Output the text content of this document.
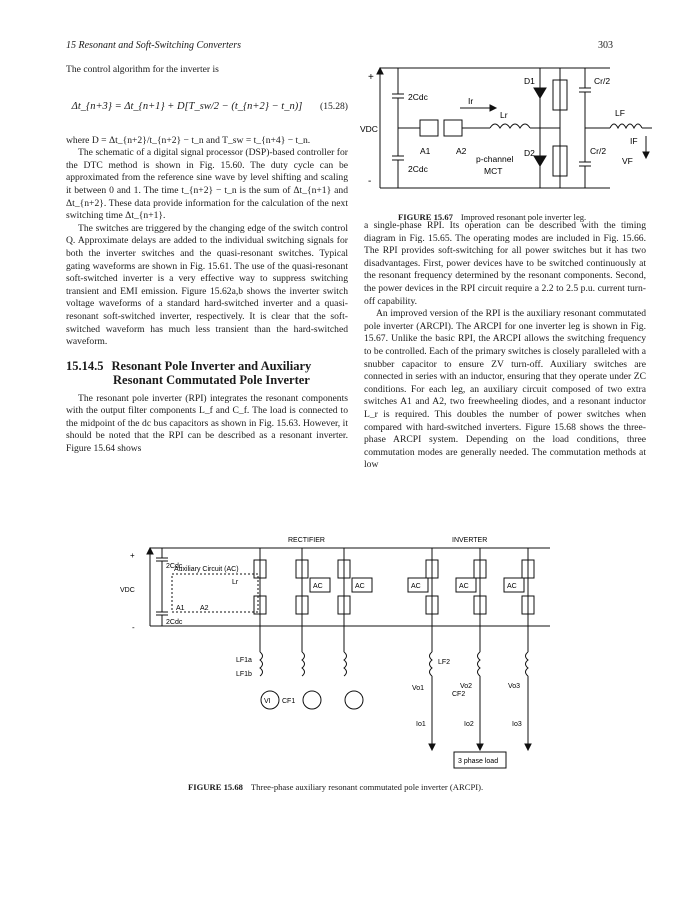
15 Resonant and Soft-Switching Converters	303

The control algorithm for the inverter is

Δt_{n+3} = Δt_{n+1} + D[T_sw/2 − (t_{n+2} − t_n)]	(15.28)

where D = Δt_{n+2}/t_{n+2} − t_n and T_sw = t_{n+4} − t_n.

The schematic of a digital signal processor (DSP)-based controller for the DTC method is shown in Fig. 15.60. The duty cycle can be approximated from the reference sine wave by level shifting and scaling it between 0 and 1. The time t_{n+2} − t_n is the sum of Δt_{n+1} and Δt_{n+2}. These data provide information for the calculation of the next switching time Δt_{n+1}.

The switches are triggered by the changing edge of the switch control Q. Approximate delays are added to the individual switching signals for both the inverter switches and the quasi-resonant switches. Typical gating waveforms are shown in Fig. 15.61. The use of the quasi-resonant soft-switched inverter is a very effective way to suppress switching transient and EMI emission. Figure 15.62a,b shows the inverter switch voltage waveforms of a standard hard-switched inverter and a quasi-resonant soft-switched inverter, respectively. It is clear that the soft-switched waveform has much less transient than the hard-switched waveform.

15.14.5 Resonant Pole Inverter and Auxiliary
Resonant Commutated Pole Inverter

The resonant pole inverter (RPI) integrates the resonant components with the output filter components L_f and C_f. The load is connected to the midpoint of the dc bus capacitors as shown in Fig. 15.63. However, it should be noted that the RPI can be described as a resonant inverter. Figure 15.64 shows

+
-
VDC
2Cdc
2Cdc
Ir
Lr
A1	A2
p-channel
MCT
D1
D2
Cr/2
Cr/2
LF
IF
VF
FIGURE 15.67 Improved resonant pole inverter leg.

a single-phase RPI. Its operation can be described with the timing diagram in Fig. 15.65. The operating modes are included in Fig. 15.66. The RPI provides soft-switching for all power switches but it has two disadvantages. First, power devices have to be switched continuously at the resonant frequency determined by the resonant components. Second, the power devices in the RPI circuit require a 2.2 to 2.5 p.u. current turn-off capability.

An improved version of the RPI is the auxiliary resonant commutated pole inverter (ARCPI). The ARCPI for one inverter leg is shown in Fig. 15.67. Unlike the basic RPI, the ARCPI allows the switching frequency to be controlled. Each of the primary switches is closely paralleled with a snubber capacitor to ensure ZV turn-off. Auxiliary switches are connected in series with an inductor, ensuring that they operate under ZC conditions. For each leg, an auxiliary circuit composed of two extra switches A1 and A2, two freewheeling diodes, and a resonant inductor L_r is required. This doubles the number of power switches when compared with hard-switched inverters. Figure 15.68 shows the three-phase ARCPI system. Depending on the load conditions, three commutation modes are generally needed. The commutation methods at low

+
-
VDC
2Cdc
2Cdc
Auxiliary Circuit (AC)
Lr
A1 A2
RECTIFIER	INVERTER
AC	AC	AC	AC	AC
LF1a
LF1b
VI CF1
LF2
CF2
Vo1	Vo2	Vo3
Io1	Io2	Io3
3 phase load
FIGURE 15.68 Three-phase auxiliary resonant commutated pole inverter (ARCPI).
